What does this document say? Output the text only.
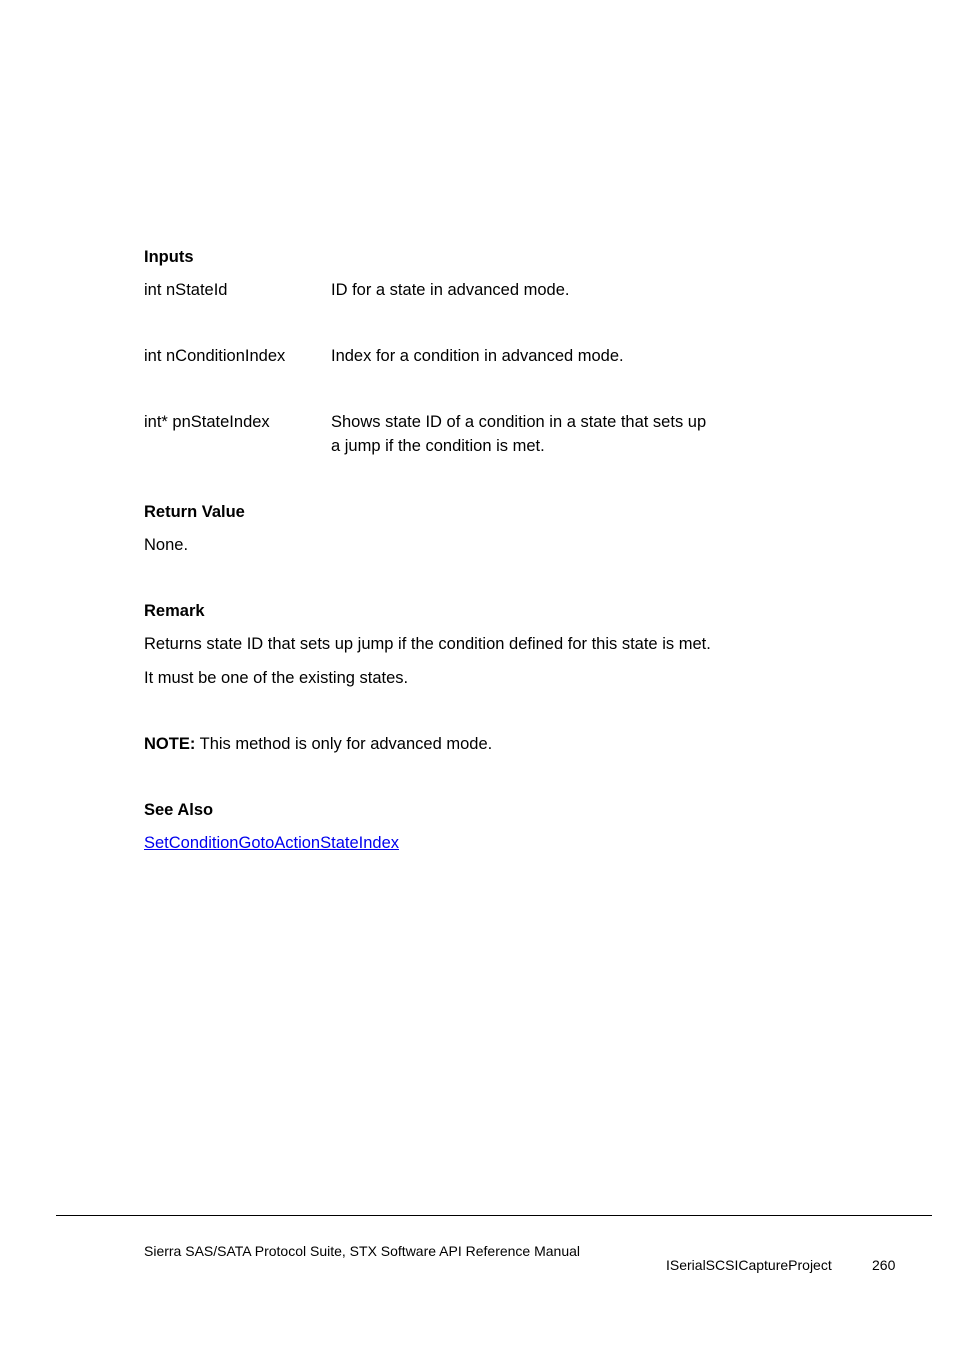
Inputs
int nStateId	ID for a state in advanced mode.
int nConditionIndex	Index for a condition in advanced mode.
int* pnStateIndex	Shows state ID of a condition in a state that sets up
a jump if the condition is met.
Return Value
None.
Remark
Returns state ID that sets up jump if the condition defined for this state is met.
It must be one of the existing states.
NOTE: This method is only for advanced mode.
See Also
SetConditionGotoActionStateIndex
Sierra SAS/SATA Protocol Suite, STX Software API Reference Manual
ISerialSCSICaptureProject	260
